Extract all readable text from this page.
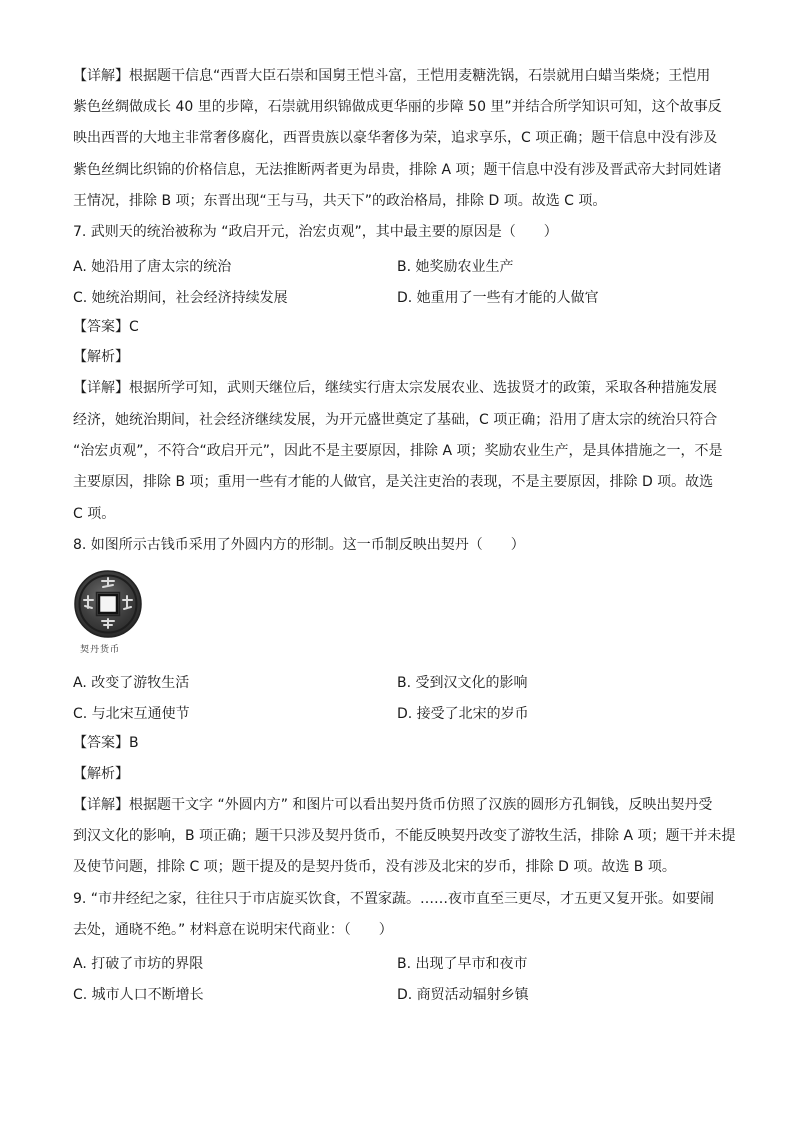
【详解】根据题干信息“西晋大臣石崇和国舅王恺斗富，王恺用麦糖洗锅，石崇就用白蜡当柴烧；王恺用
紫色丝绸做成长 40 里的步障，石崇就用织锦做成更华丽的步障 50 里”并结合所学知识可知，这个故事反
映出西晋的大地主非常奢侈腐化，西晋贵族以豪华奢侈为荣，追求享乐，C 项正确；题干信息中没有涉及
紫色丝绸比织锦的价格信息，无法推断两者更为昂贵，排除 A 项；题干信息中没有涉及晋武帝大封同姓诸
王情况，排除 B 项；东晋出现“王与马，共天下”的政治格局，排除 D 项。故选 C 项。
7. 武则天的统治被称为 “政启开元，治宏贞观”，其中最主要的原因是（　　）
A. 她沿用了唐太宗的统治	B. 她奖励农业生产
C. 她统治期间，社会经济持续发展	D. 她重用了一些有才能的人做官
【答案】C
【解析】
【详解】根据所学可知，武则天继位后，继续实行唐太宗发展农业、选拔贤才的政策，采取各种措施发展
经济，她统治期间，社会经济继续发展，为开元盛世奠定了基础，C 项正确；沿用了唐太宗的统治只符合
“治宏贞观”，不符合“政启开元”，因此不是主要原因，排除 A 项；奖励农业生产，是具体措施之一，不是
主要原因，排除 B 项；重用一些有才能的人做官，是关注吏治的表现，不是主要原因，排除 D 项。故选
C 项。
8. 如图所示古钱币采用了外圆内方的形制。这一币制反映出契丹（　　）
契丹货币
A. 改变了游牧生活	B. 受到汉文化的影响
C. 与北宋互通使节	D. 接受了北宋的岁币
【答案】B
【解析】
【详解】根据题干文字 “外圆内方” 和图片可以看出契丹货币仿照了汉族的圆形方孔铜钱，反映出契丹受
到汉文化的影响，B 项正确；题干只涉及契丹货币，不能反映契丹改变了游牧生活，排除 A 项；题干并未提
及使节问题，排除 C 项；题干提及的是契丹货币，没有涉及北宋的岁币，排除 D 项。故选 B 项。
9. “市井经纪之家，往往只于市店旋买饮食，不置家蔬。……夜市直至三更尽，才五更又复开张。如要闹
去处，通晓不绝。” 材料意在说明宋代商业：（　　）
A. 打破了市坊的界限	B. 出现了早市和夜市
C. 城市人口不断增长	D. 商贸活动辐射乡镇
